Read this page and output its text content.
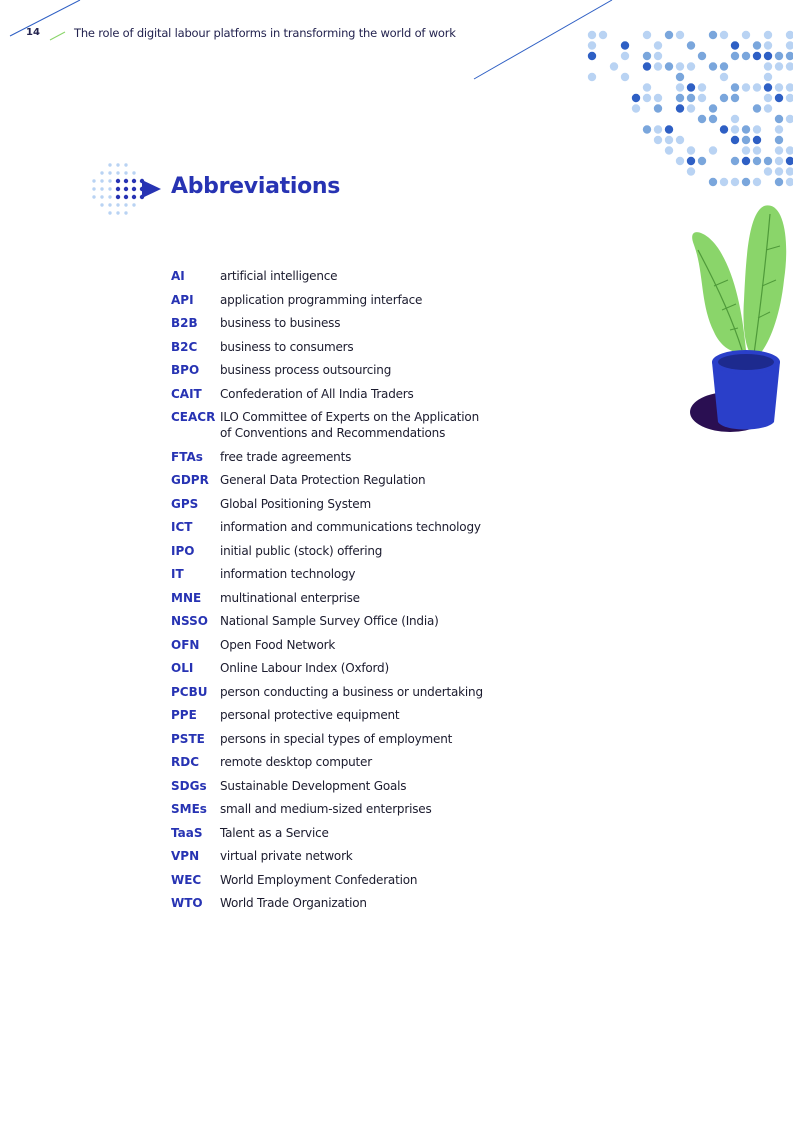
14	The role of digital labour platforms in transforming the world of work
Abbreviations
AI	artificial intelligence
API	application programming interface
B2B	business to business
B2C	business to consumers
BPO	business process outsourcing
CAIT	Confederation of All India Traders
CEACR ILO Committee of Experts on the Application of Conventions and Recommendations
FTAs	free trade agreements
GDPR General Data Protection Regulation
GPS	Global Positioning System
ICT	information and communications technology
IPO	initial public (stock) offering
IT	information technology
MNE	multinational enterprise
NSSO	National Sample Survey Office (India)
OFN	Open Food Network
OLI	Online Labour Index (Oxford)
PCBU	person conducting a business or undertaking
PPE	personal protective equipment
PSTE	persons in special types of employment
RDC	remote desktop computer
SDGs	Sustainable Development Goals
SMEs	small and medium-sized enterprises
TaaS	Talent as a Service
VPN	virtual private network
WEC	World Employment Confederation
WTO	World Trade Organization
